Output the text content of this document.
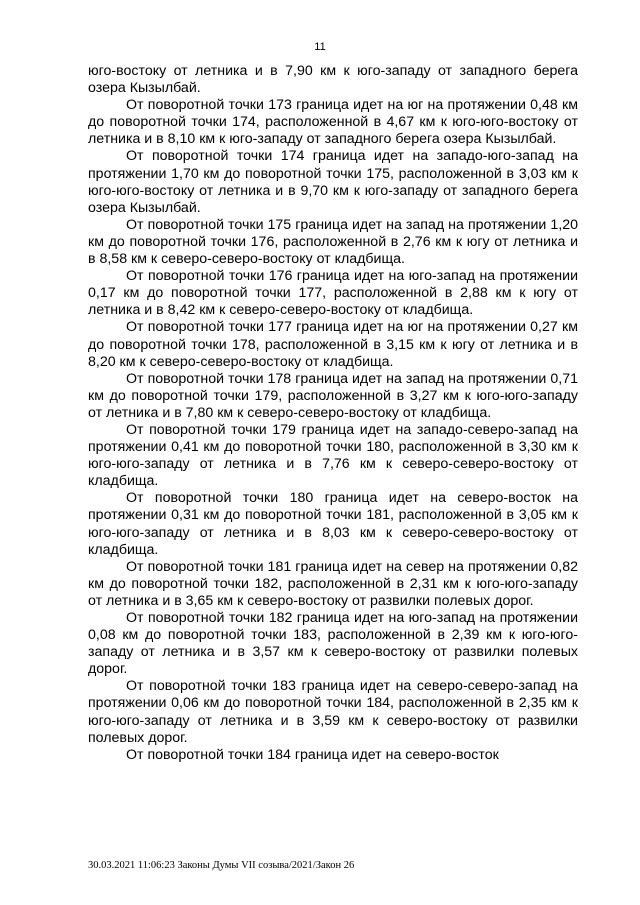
11

юго-востоку от летника и в 7,90 км к юго-западу от западного берега озера Кызылбай.

От поворотной точки 173 граница идет на юг на протяжении 0,48 км до поворотной точки 174, расположенной в 4,67 км к юго-юго-востоку от летника и в 8,10 км к юго-западу от западного берега озера Кызылбай.

От поворотной точки 174 граница идет на западо-юго-запад на протяжении 1,70 км до поворотной точки 175, расположенной в 3,03 км к юго-юго-востоку от летника и в 9,70 км к юго-западу от западного берега озера Кызылбай.

От поворотной точки 175 граница идет на запад на протяжении 1,20 км до поворотной точки 176, расположенной в 2,76 км к югу от летника и в 8,58 км к северо-северо-востоку от кладбища.

От поворотной точки 176 граница идет на юго-запад на протяжении 0,17 км до поворотной точки 177, расположенной в 2,88 км к югу от летника и в 8,42 км к северо-северо-востоку от кладбища.

От поворотной точки 177 граница идет на юг на протяжении 0,27 км до поворотной точки 178, расположенной в 3,15 км к югу от летника и в 8,20 км к северо-северо-востоку от кладбища.

От поворотной точки 178 граница идет на запад на протяжении 0,71 км до поворотной точки 179, расположенной в 3,27 км к юго-юго-западу от летника и в 7,80 км к северо-северо-востоку от кладбища.

От поворотной точки 179 граница идет на западо-северо-запад на протяжении 0,41 км до поворотной точки 180, расположенной в 3,30 км к юго-юго-западу от летника и в 7,76 км к северо-северо-востоку от кладбища.

От поворотной точки 180 граница идет на северо-восток на протяжении 0,31 км до поворотной точки 181, расположенной в 3,05 км к юго-юго-западу от летника и в 8,03 км к северо-северо-востоку от кладбища.

От поворотной точки 181 граница идет на север на протяжении 0,82 км до поворотной точки 182, расположенной в 2,31 км к юго-юго-западу от летника и в 3,65 км к северо-востоку от развилки полевых дорог.

От поворотной точки 182 граница идет на юго-запад на протяжении 0,08 км до поворотной точки 183, расположенной в 2,39 км к юго-юго-западу от летника и в 3,57 км к северо-востоку от развилки полевых дорог.

От поворотной точки 183 граница идет на северо-северо-запад на протяжении 0,06 км до поворотной точки 184, расположенной в 2,35 км к юго-юго-западу от летника и в 3,59 км к северо-востоку от развилки полевых дорог.

От поворотной точки 184 граница идет на северо-восток

30.03.2021 11:06:23 Законы Думы VII созыва/2021/Закон 26
